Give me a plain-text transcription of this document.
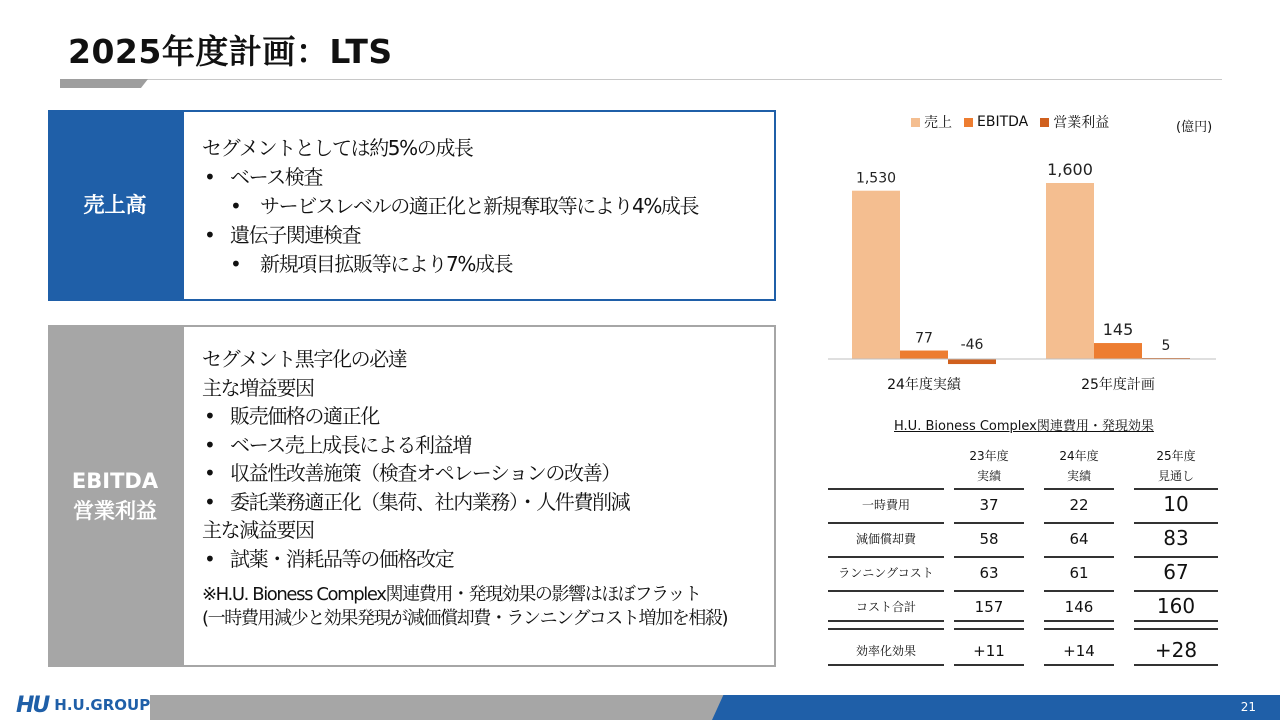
2025年度計画：LTS
売上高

セグメントとしては約5%の成長

• ベース検査

• サービスレベルの適正化と新規奪取等により4%成長

• 遺伝子関連検査

• 新規項目拡販等により7%成長

EBITDA
営業利益

セグメント黒字化の必達

主な増益要因

• 販売価格の適正化

• ベース売上成長による利益増

• 収益性改善施策（検査オペレーションの改善）

• 委託業務適正化（集荷、社内業務）・人件費削減

主な減益要因

• 試薬・消耗品等の価格改定

※H.U. Bioness Complex関連費用・発現効果の影響はほぼフラット
(一時費用減少と効果発現が減価償却費・ランニングコスト増加を相殺)

売上 EBITDA 営業利益	(億円)
1,530
77 -46
24年度実績
1,600
145
5
25年度計画
H.U. Bioness Complex関連費用・発現効果
23年度
実績
24年度
実績
25年度
見通し
一時費用	37	22	10
減価償却費	58	64	83
ランニングコスト	63	61	67
コスト合計	157	146	160
効率化効果	+11	+14	+28
21
HU H.U.GROUP
